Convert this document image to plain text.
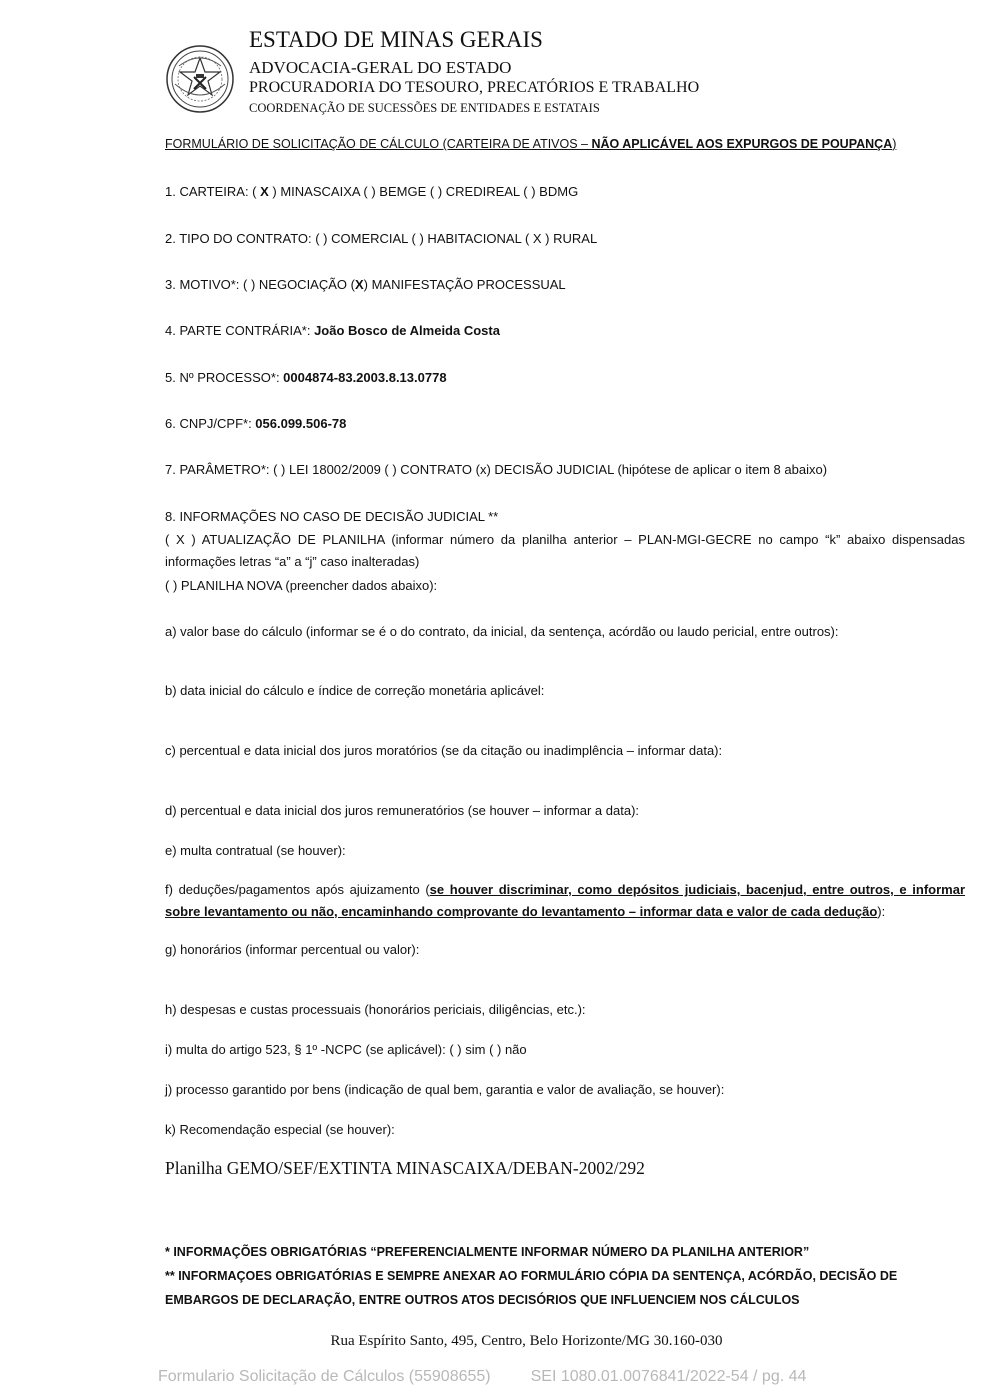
ESTADO DE MINAS GERAIS
ADVOCACIA-GERAL DO ESTADO
PROCURADORIA DO TESOURO, PRECATÓRIOS E TRABALHO
COORDENAÇÃO DE SUCESSÕES DE ENTIDADES E ESTATAIS
FORMULÁRIO DE SOLICITAÇÃO DE CÁLCULO (CARTEIRA DE ATIVOS – NÃO APLICÁVEL AOS EXPURGOS DE POUPANÇA)
1. CARTEIRA: ( X ) MINASCAIXA ( ) BEMGE ( ) CREDIREAL ( ) BDMG
2. TIPO DO CONTRATO: ( ) COMERCIAL ( ) HABITACIONAL ( X ) RURAL
3. MOTIVO*: ( ) NEGOCIAÇÃO (X) MANIFESTAÇÃO PROCESSUAL
4. PARTE CONTRÁRIA*: João Bosco de Almeida Costa
5. Nº PROCESSO*: 0004874-83.2003.8.13.0778
6. CNPJ/CPF*: 056.099.506-78
7. PARÂMETRO*: ( ) LEI 18002/2009 ( ) CONTRATO (x) DECISÃO JUDICIAL (hipótese de aplicar o item 8 abaixo)
8. INFORMAÇÕES NO CASO DE DECISÃO JUDICIAL **
( X ) ATUALIZAÇÃO DE PLANILHA (informar número da planilha anterior – PLAN-MGI-GECRE no campo “k” abaixo dispensadas informações letras “a” a “j” caso inalteradas)
( ) PLANILHA NOVA (preencher dados abaixo):
a) valor base do cálculo (informar se é o do contrato, da inicial, da sentença, acórdão ou laudo pericial, entre outros):
b) data inicial do cálculo e índice de correção monetária aplicável:
c) percentual e data inicial dos juros moratórios (se da citação ou inadimplência – informar data):
d) percentual e data inicial dos juros remuneratórios (se houver – informar a data):
e) multa contratual (se houver):
f) deduções/pagamentos após ajuizamento (se houver discriminar, como depósitos judiciais, bacenjud, entre outros, e informar sobre levantamento ou não, encaminhando comprovante do levantamento – informar data e valor de cada dedução):
g) honorários (informar percentual ou valor):
h) despesas e custas processuais (honorários periciais, diligências, etc.):
i) multa do artigo 523, § 1º -NCPC (se aplicável): ( ) sim ( ) não
j) processo garantido por bens (indicação de qual bem, garantia e valor de avaliação, se houver):
k) Recomendação especial (se houver):
Planilha GEMO/SEF/EXTINTA MINASCAIXA/DEBAN-2002/292
* INFORMAÇÕES OBRIGATÓRIAS “PREFERENCIALMENTE INFORMAR NÚMERO DA PLANILHA ANTERIOR”
** INFORMAÇOES OBRIGATÓRIAS E SEMPRE ANEXAR AO FORMULÁRIO CÓPIA DA SENTENÇA, ACÓRDÃO, DECISÃO DE EMBARGOS DE DECLARAÇÃO, ENTRE OUTROS ATOS DECISÓRIOS QUE INFLUENCIEM NOS CÁLCULOS
Rua Espírito Santo, 495, Centro, Belo Horizonte/MG 30.160-030
Formulario Solicitação de Cálculos (55908655)	SEI 1080.01.0076841/2022-54 / pg. 44
